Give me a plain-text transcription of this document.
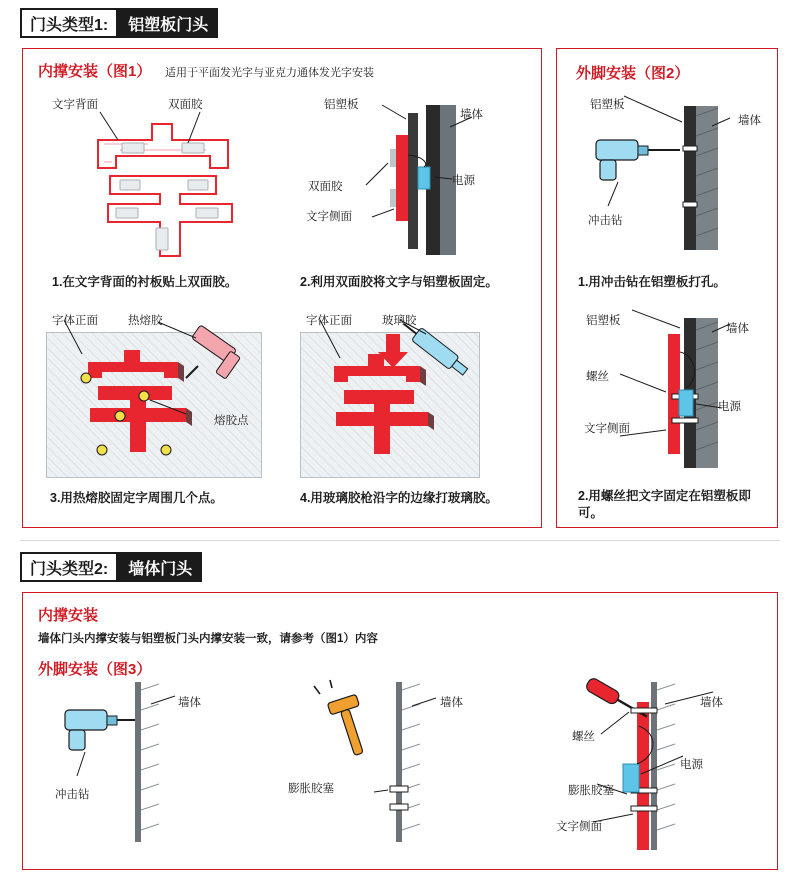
门头类型1:	铝塑板门头
内撑安装（图1） 适用于平面发光字与亚克力通体发光字安装
文字背面	双面胶
1.在文字背面的衬板贴上双面胶。
铝塑板
墙体
双面胶	电源
文字侧面
2.利用双面胶将文字与铝塑板固定。
字体正面	热熔胶
熔胶点
3.用热熔胶固定字周围几个点。
字体正面	玻璃胶
4.用玻璃胶枪沿字的边缘打玻璃胶。
外脚安装（图2）
铝塑板
墙体
冲击钻
1.用冲击钻在铝塑板打孔。
铝塑板
墙体
螺丝
电源
文字侧面
2.用螺丝把文字固定在铝塑板即可。
门头类型2:	墙体门头
内撑安装
墙体门头内撑安装与铝塑板门头内撑安装一致，请参考（图1）内容
外脚安装（图3）
墙体
冲击钻
墙体
膨胀胶塞
墙体
螺丝
电源
膨胀胶塞
文字侧面
